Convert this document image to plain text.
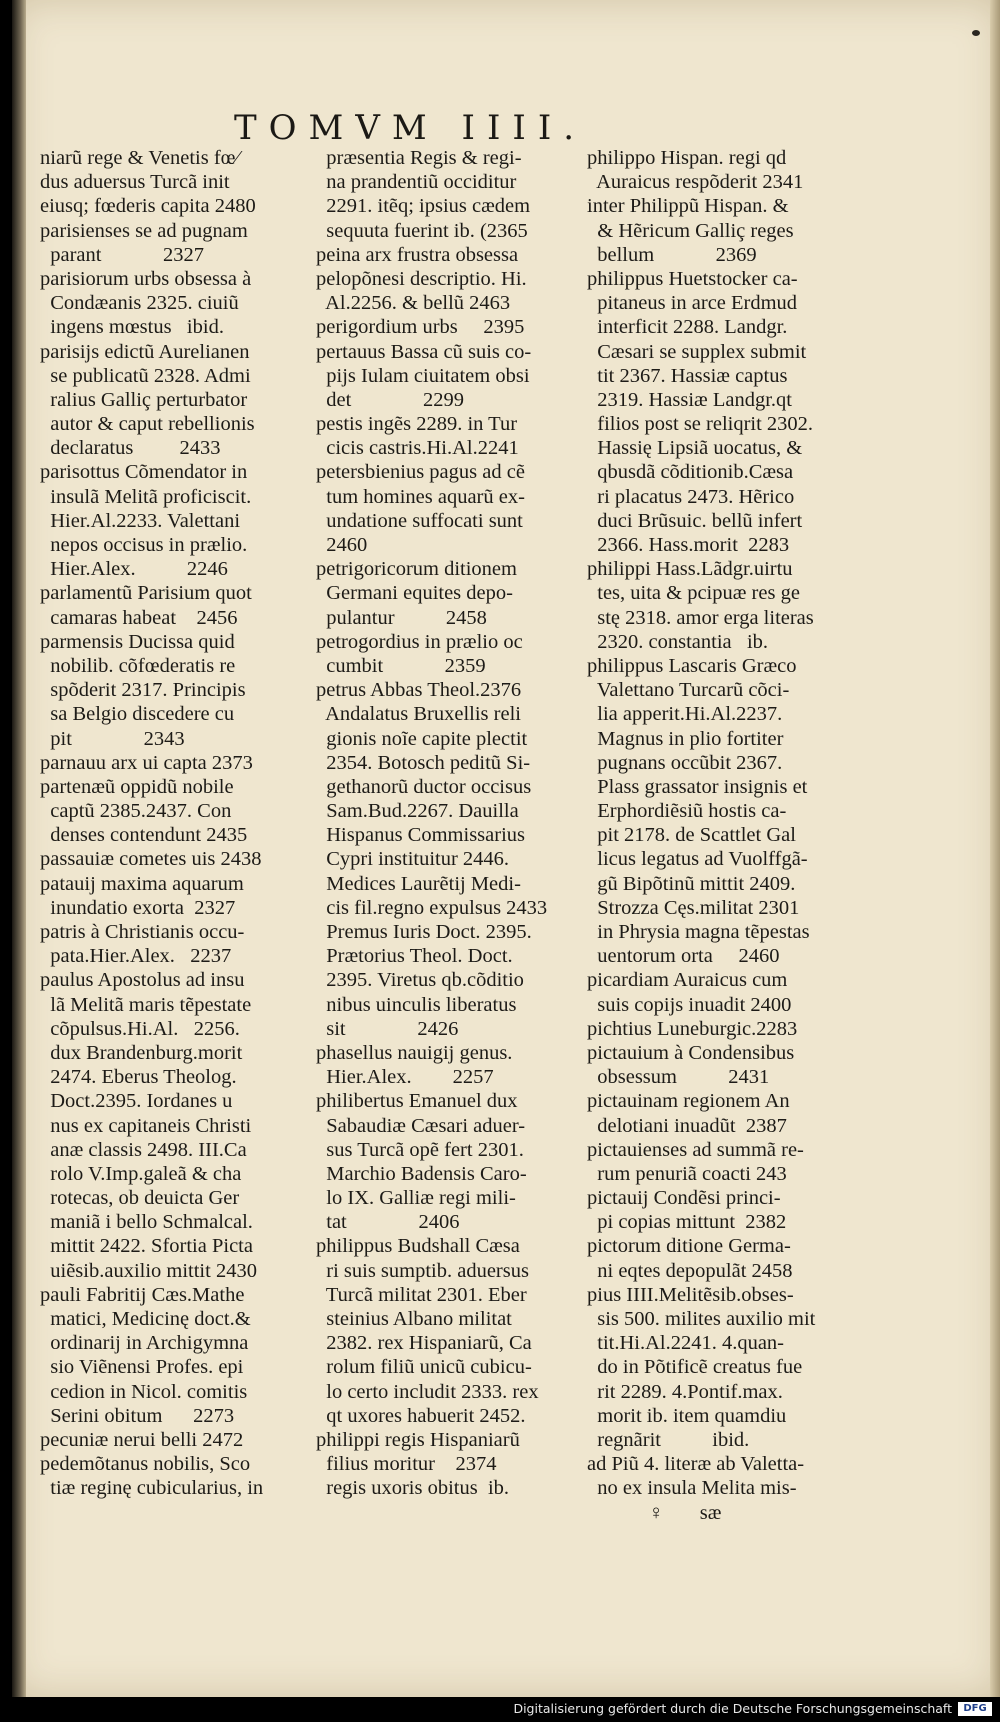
TOMVM IIII.
niarũ rege & Venetis fœ⁄
dus aduersus Turcã init
eiusq; fœderis capita 2480
parisienses se ad pugnam
parant            2327
parisiorum urbs obsessa à
Condæanis 2325. ciuiũ
ingens mœstus   ibid.
parisijs edictũ Aurelianen
se publicatũ 2328. Admi
ralius Galliç perturbator
autor & caput rebellionis
declaratus         2433
parisottus Cõmendator in
insulã Melitã proficiscit.
Hier.Al.2233. Valettani
nepos occisus in prælio.
Hier.Alex.          2246
parlamentũ Parisium quot
camaras habeat    2456
parmensis Ducissa quid
nobilib. cõfœderatis re
spõderit 2317. Principis
sa Belgio discedere cu
pit              2343
parnauu arx ui capta 2373
partenæũ oppidũ nobile
captũ 2385.2437. Con
denses contendunt 2435
passauiæ cometes uis 2438
patauij maxima aquarum
inundatio exorta  2327
patris à Christianis occu-
pata.Hier.Alex.   2237
paulus Apostolus ad insu
lã Melitã maris tẽpestate
cõpulsus.Hi.Al.   2256.
dux Brandenburg.morit
2474. Eberus Theolog.
Doct.2395. Iordanes u
nus ex capitaneis Christi
anæ classis 2498. III.Ca
rolo V.Imp.galeã & cha
rotecas, ob deuicta Ger
maniã i bello Schmalcal.
mittit 2422. Sfortia Picta
uiẽsib.auxilio mittit 2430
pauli Fabritij Cæs.Mathe
matici, Medicinę doct.&
ordinarij in Archigymna
sio Viẽnensi Profes. epi
cedion in Nicol. comitis
Serini obitum      2273
pecuniæ nerui belli 2472
pedemõtanus nobilis, Sco
tiæ reginę cubicularius, in
præsentia Regis & regi-
na prandentiũ occiditur
2291. itẽq; ipsius cædem
sequuta fuerint ib. (2365
peina arx frustra obsessa
pelopõnesi descriptio. Hi.
Al.2256. & bellũ 2463
perigordium urbs     2395
pertauus Bassa cũ suis co-
pijs Iulam ciuitatem obsi
det              2299
pestis ingẽs 2289. in Tur
cicis castris.Hi.Al.2241
petersbienius pagus ad cẽ
tum homines aquarũ ex-
undatione suffocati sunt
2460
petrigoricorum ditionem
Germani equites depo-
pulantur          2458
petrogordius in prælio oc
cumbit            2359
petrus Abbas Theol.2376
Andalatus Bruxellis reli
gionis noĩe capite plectit
2354. Botosch peditũ Si-
gethanorũ ductor occisus
Sam.Bud.2267. Dauilla
Hispanus Commissarius
Cypri instituitur 2446.
Medices Laurẽtij Medi-
cis fil.regno expulsus 2433
Premus Iuris Doct. 2395.
Prætorius Theol. Doct.
2395. Viretus qb.cõditio
nibus uinculis liberatus
sit              2426
phasellus nauigij genus.
Hier.Alex.        2257
philibertus Emanuel dux
Sabaudiæ Cæsari aduer-
sus Turcã opẽ fert 2301.
Marchio Badensis Caro-
lo IX. Galliæ regi mili-
tat              2406
philippus Budshall Cæsa
ri suis sumptib. aduersus
Turcã militat 2301. Eber
steinius Albano militat
2382. rex Hispaniarũ, Ca
rolum filiũ unicũ cubicu-
lo certo includit 2333. rex
qt uxores habuerit 2452.
philippi regis Hispaniarũ
filius moritur    2374
regis uxoris obitus  ib.
philippo Hispan. regi qd
Auraicus respõderit 2341
inter Philippũ Hispan. &
& Hẽricum Galliç reges
bellum            2369
philippus Huetstocker ca-
pitaneus in arce Erdmud
interficit 2288. Landgr.
Cæsari se supplex submit
tit 2367. Hassiæ captus
2319. Hassiæ Landgr.qt
filios post se reliqrit 2302.
Hassię Lipsiã uocatus, &
qbusdã cõditionib.Cæsa
ri placatus 2473. Hẽrico
duci Brũsuic. bellũ infert
2366. Hass.morit  2283
philippi Hass.Lãdgr.uirtu
tes, uita & pcipuæ res ge
stę 2318. amor erga literas
2320. constantia   ib.
philippus Lascaris Græco
Valettano Turcarũ cõci-
lia apperit.Hi.Al.2237.
Magnus in plio fortiter
pugnans occũbit 2367.
Plass grassator insignis et
Erphordiẽsiũ hostis ca-
pit 2178. de Scattlet Gal
licus legatus ad Vuolffgã-
gũ Bipõtinũ mittit 2409.
Strozza Cęs.militat 2301
in Phrysia magna tẽpestas
uentorum orta     2460
picardiam Auraicus cum
suis copijs inuadit 2400
pichtius Luneburgic.2283
pictauium à Condensibus
obsessum          2431
pictauinam regionem An
delotiani inuadũt  2387
pictauienses ad summã re-
rum penuriã coacti 243
pictauij Condẽsi princi-
pi copias mittunt  2382
pictorum ditione Germa-
ni eqtes depopulãt 2458
pius IIII.Melitẽsib.obses-
sis 500. milites auxilio mit
tit.Hi.Al.2241. 4.quan-
do in Põtificẽ creatus fue
rit 2289. 4.Pontif.max.
morit ib. item quamdiu
regnãrit          ibid.
ad Piũ 4. literæ ab Valetta-
no ex insula Melita mis-
♀       sæ
Digitalisierung gefördert durch die Deutsche Forschungsgemeinschaft	DFG
